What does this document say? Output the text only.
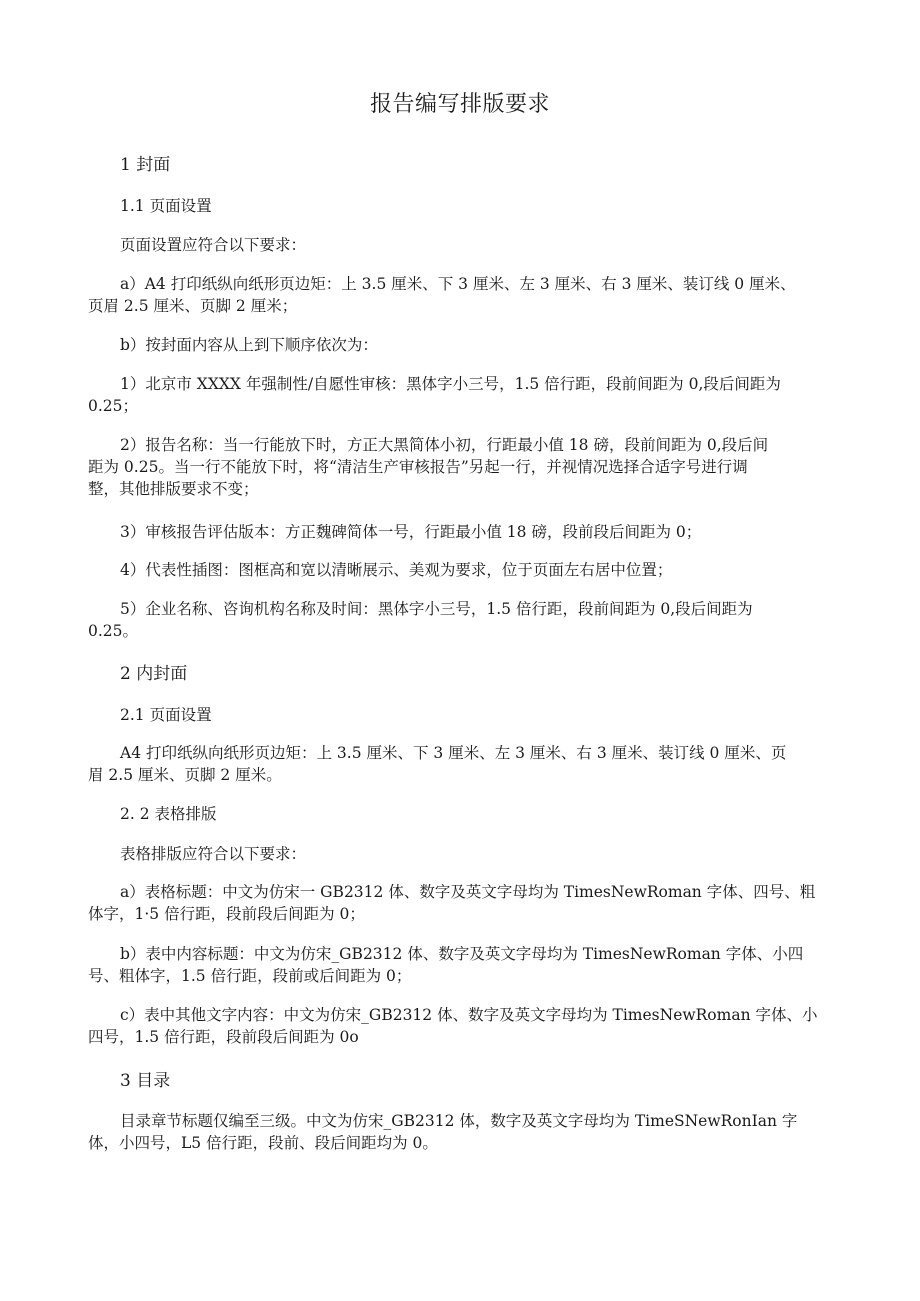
报告编写排版要求
1 封面
1.1 页面设置
页面设置应符合以下要求：
a）A4 打印纸纵向纸形页边矩：上 3.5 厘米、下 3 厘米、左 3 厘米、右 3 厘米、装订线 0 厘米、
页眉 2.5 厘米、页脚 2 厘米；
b）按封面内容从上到下顺序依次为：
1）北京市 XXXX 年强制性/自愿性审核：黑体字小三号，1.5 倍行距，段前间距为 0,段后间距为
0.25；
2）报告名称：当一行能放下时，方正大黑简体小初，行距最小值 18 磅，段前间距为 0,段后间
距为 0.25。当一行不能放下时，将“清洁生产审核报告”另起一行，并视情况选择合适字号进行调
整，其他排版要求不变；
3）审核报告评估版本：方正魏碑简体一号，行距最小值 18 磅，段前段后间距为 0；
4）代表性插图：图框高和宽以清晰展示、美观为要求，位于页面左右居中位置；
5）企业名称、咨询机构名称及时间：黑体字小三号，1.5 倍行距，段前间距为 0,段后间距为
0.25。
2 内封面
2.1 页面设置
A4 打印纸纵向纸形页边矩：上 3.5 厘米、下 3 厘米、左 3 厘米、右 3 厘米、装订线 0 厘米、页
眉 2.5 厘米、页脚 2 厘米。
2. 2 表格排版
表格排版应符合以下要求：
a）表格标题：中文为仿宋一 GB2312 体、数字及英文字母均为 TimesNewRoman 字体、四号、粗
体字，1·5 倍行距，段前段后间距为 0；
b）表中内容标题：中文为仿宋_GB2312 体、数字及英文字母均为 TimesNewRoman 字体、小四
号、粗体字，1.5 倍行距，段前或后间距为 0；
c）表中其他文字内容：中文为仿宋_GB2312 体、数字及英文字母均为 TimesNewRoman 字体、小
四号，1.5 倍行距，段前段后间距为 0o
3 目录
目录章节标题仅编至三级。中文为仿宋_GB2312 体，数字及英文字母均为 TimeSNewRonIan 字
体，小四号，L5 倍行距，段前、段后间距均为 0。
